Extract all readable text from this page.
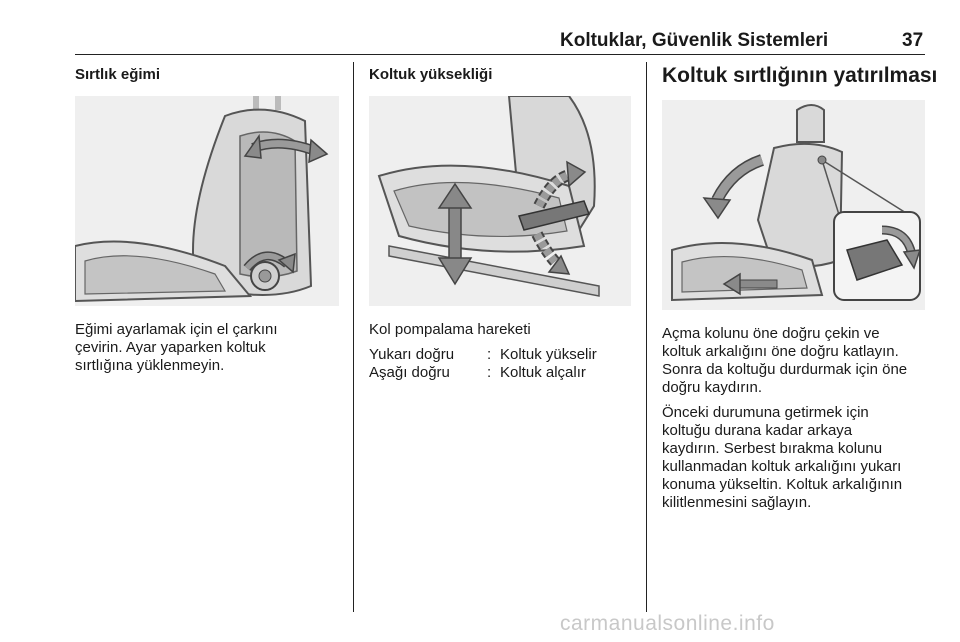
Koltuklar, Güvenlik Sistemleri	37
Sırtlık eğimi
Eğimi ayarlamak için el çarkını
çevirin. Ayar yaparken koltuk
sırtlığına yüklenmeyin.
Koltuk yüksekliği
Kol pompalama hareketi
Yukarı doğru : Koltuk yükselir
Aşağı doğru : Koltuk alçalır
Koltuk sırtlığının yatırılması
Açma kolunu öne doğru çekin ve
koltuk arkalığını öne doğru katlayın.
Sonra da koltuğu durdurmak için öne
doğru kaydırın.
Önceki durumuna getirmek için
koltuğu durana kadar arkaya
kaydırın. Serbest bırakma kolunu
kullanmadan koltuk arkalığını yukarı
konuma yükseltin. Koltuk arkalığının
kilitlenmesini sağlayın.
carmanualsonline.info
